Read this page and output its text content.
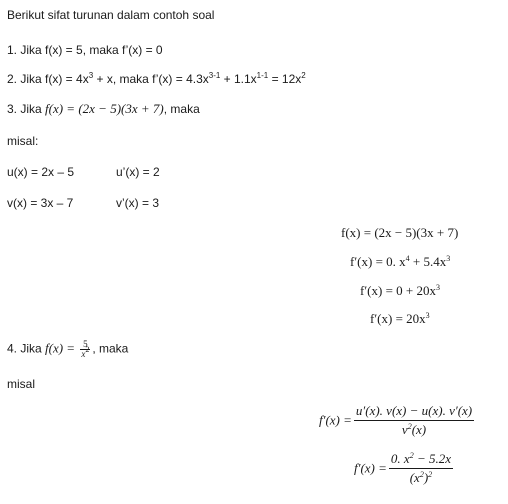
Berikut sifat turunan dalam contoh soal
1. Jika f(x) = 5, maka f’(x) = 0
2. Jika $f(x) = 4x^3 + x$, maka f’(x) = $4.3x^{3-1} + 1.1x^{1-1} = 12x^2$
3. Jika f(x) = (2x − 5)(3x + 7), maka
misal:
u(x) = 2x – 5	u’(x) = 2
v(x) = 3x – 7	v’(x) = 3
f(x) = (2x − 5)(3x + 7)
f′(x) = 0. $x^4 + 5.4x^3$
$f'(x) = 0 + 20x^3$
$f'(x) = 20x^3$
4. Jika $f(x) = \frac{5}{x^2}$ , maka
misal
$f'(x) = \frac{u'(x). v(x) - u(x). v'(x)}{v^2(x)}$
$f'(x) = \frac{0. x^2 - 5.2x}{(x^2)^2}$
